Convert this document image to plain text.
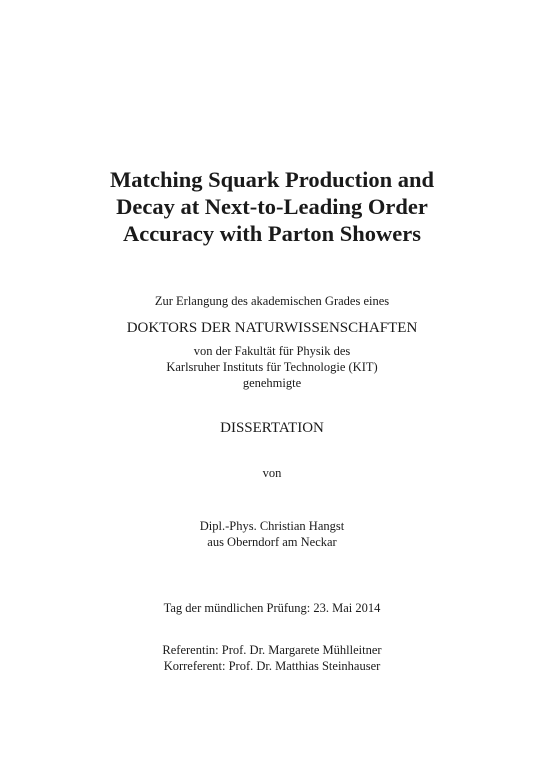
Matching Squark Production and
Decay at Next-to-Leading Order
Accuracy with Parton Showers
Zur Erlangung des akademischen Grades eines
DOKTORS DER NATURWISSENSCHAFTEN
von der Fakultät für Physik des
Karlsruher Instituts für Technologie (KIT)
genehmigte
DISSERTATION
von
Dipl.-Phys. Christian Hangst
aus Oberndorf am Neckar
Tag der mündlichen Prüfung: 23. Mai 2014
Referentin: Prof. Dr. Margarete Mühlleitner
Korreferent: Prof. Dr. Matthias Steinhauser
